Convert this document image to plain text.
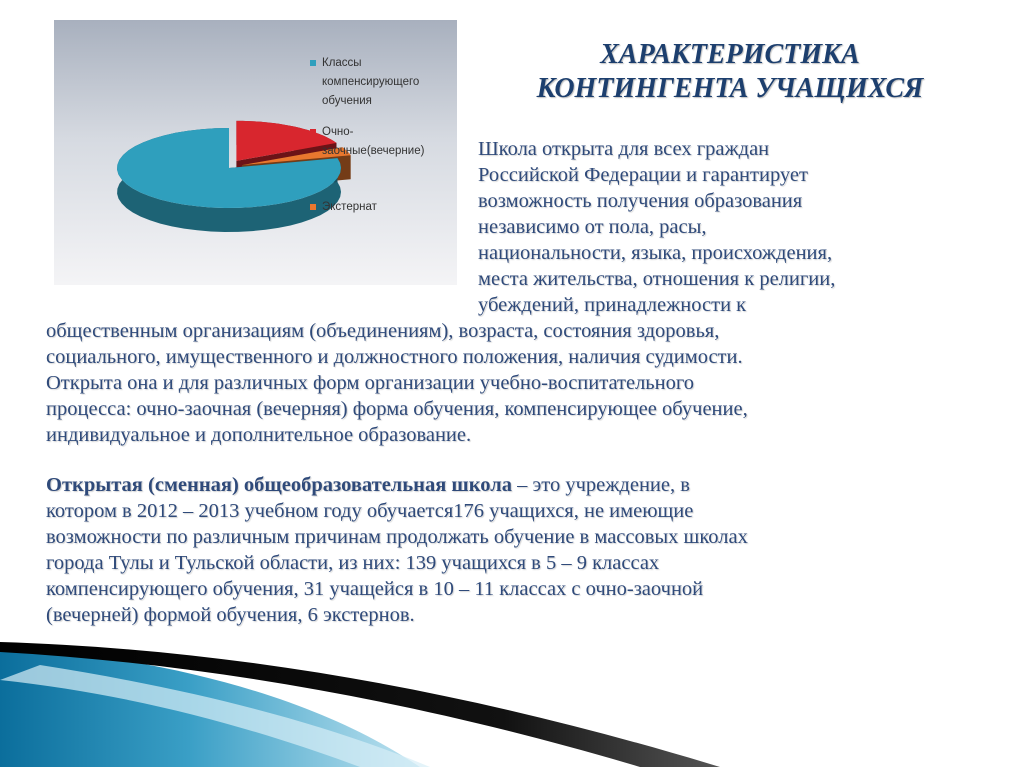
ХАРАКТЕРИСТИКА
КОНТИНГЕНТА УЧАЩИХСЯ
Классы
компенсирующего
обучения
Очно-
заочные(вечерние)
Экстернат
Школа открыта для всех граждан
Российской Федерации и гарантирует
возможность получения образования
независимо от пола, расы,
национальности, языка, происхождения,
места жительства, отношения к религии,
убеждений, принадлежности к
общественным организациям (объединениям), возраста, состояния здоровья,
социального, имущественного и должностного положения, наличия судимости.
Открыта она и для различных форм организации учебно-воспитательного
процесса: очно-заочная (вечерняя) форма обучения, компенсирующее обучение,
индивидуальное и дополнительное образование.
Открытая (сменная) общеобразовательная школа – это учреждение, в
котором в 2012 – 2013 учебном году обучается176 учащихся, не имеющие
возможности по различным причинам продолжать обучение в массовых школах
города Тулы и Тульской области, из них: 139 учащихся в 5 – 9 классах
компенсирующего обучения, 31 учащейся в 10 – 11 классах с очно-заочной
(вечерней) формой обучения, 6 экстернов.
